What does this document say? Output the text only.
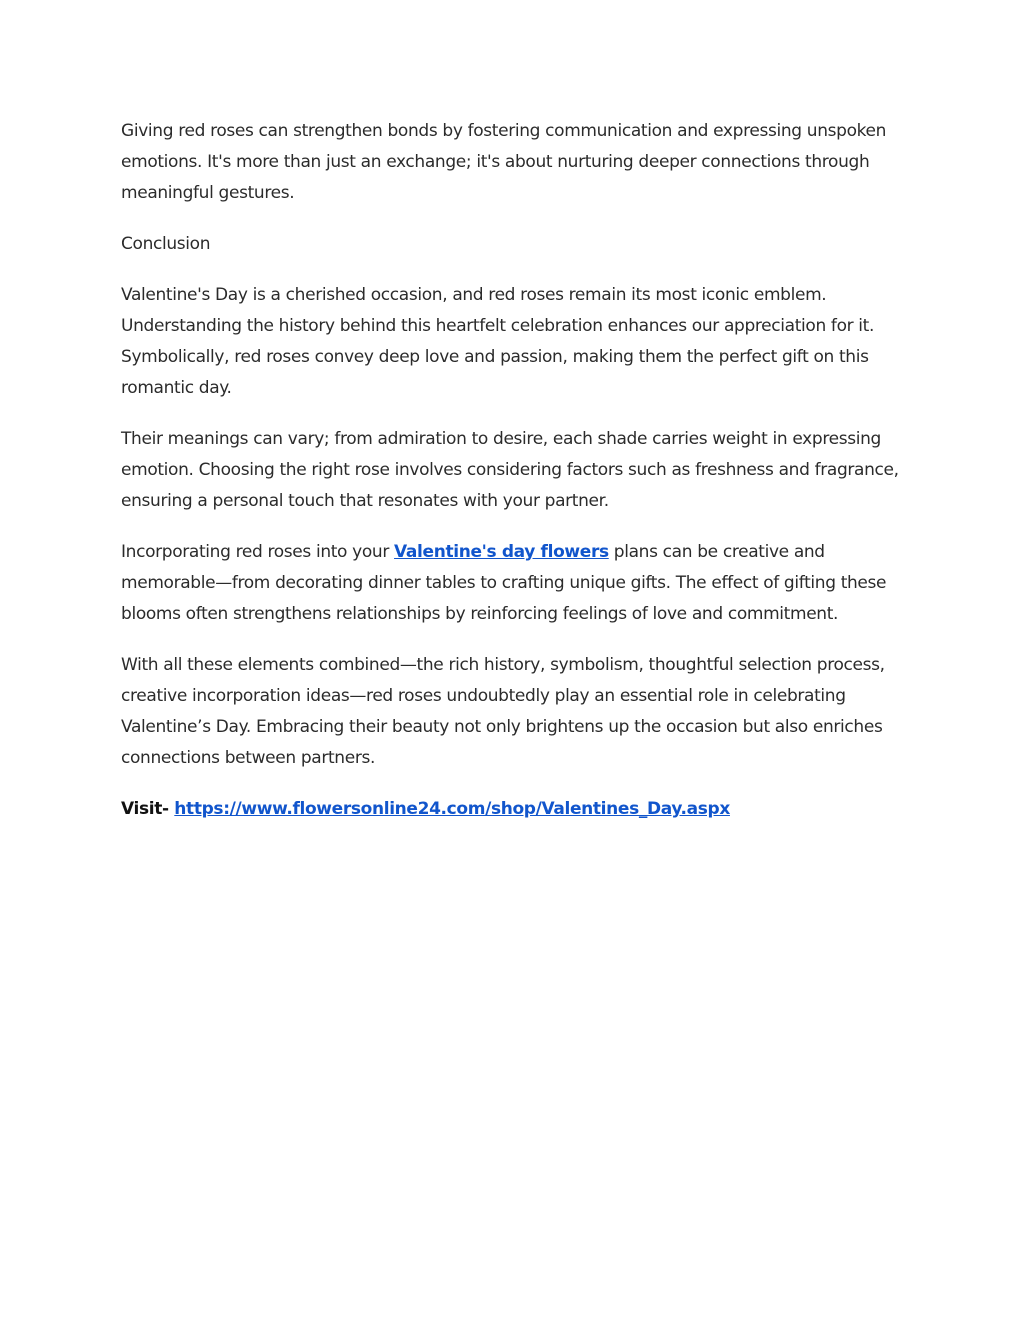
Giving red roses can strengthen bonds by fostering communication and expressing unspoken emotions. It's more than just an exchange; it's about nurturing deeper connections through meaningful gestures.

Conclusion

Valentine's Day is a cherished occasion, and red roses remain its most iconic emblem. Understanding the history behind this heartfelt celebration enhances our appreciation for it. Symbolically, red roses convey deep love and passion, making them the perfect gift on this romantic day.

Their meanings can vary; from admiration to desire, each shade carries weight in expressing emotion. Choosing the right rose involves considering factors such as freshness and fragrance, ensuring a personal touch that resonates with your partner.

Incorporating red roses into your Valentine's day flowers plans can be creative and memorable—from decorating dinner tables to crafting unique gifts. The effect of gifting these blooms often strengthens relationships by reinforcing feelings of love and commitment.

With all these elements combined—the rich history, symbolism, thoughtful selection process, creative incorporation ideas—red roses undoubtedly play an essential role in celebrating Valentine’s Day. Embracing their beauty not only brightens up the occasion but also enriches connections between partners.

Visit- https://www.flowersonline24.com/shop/Valentines_Day.aspx
